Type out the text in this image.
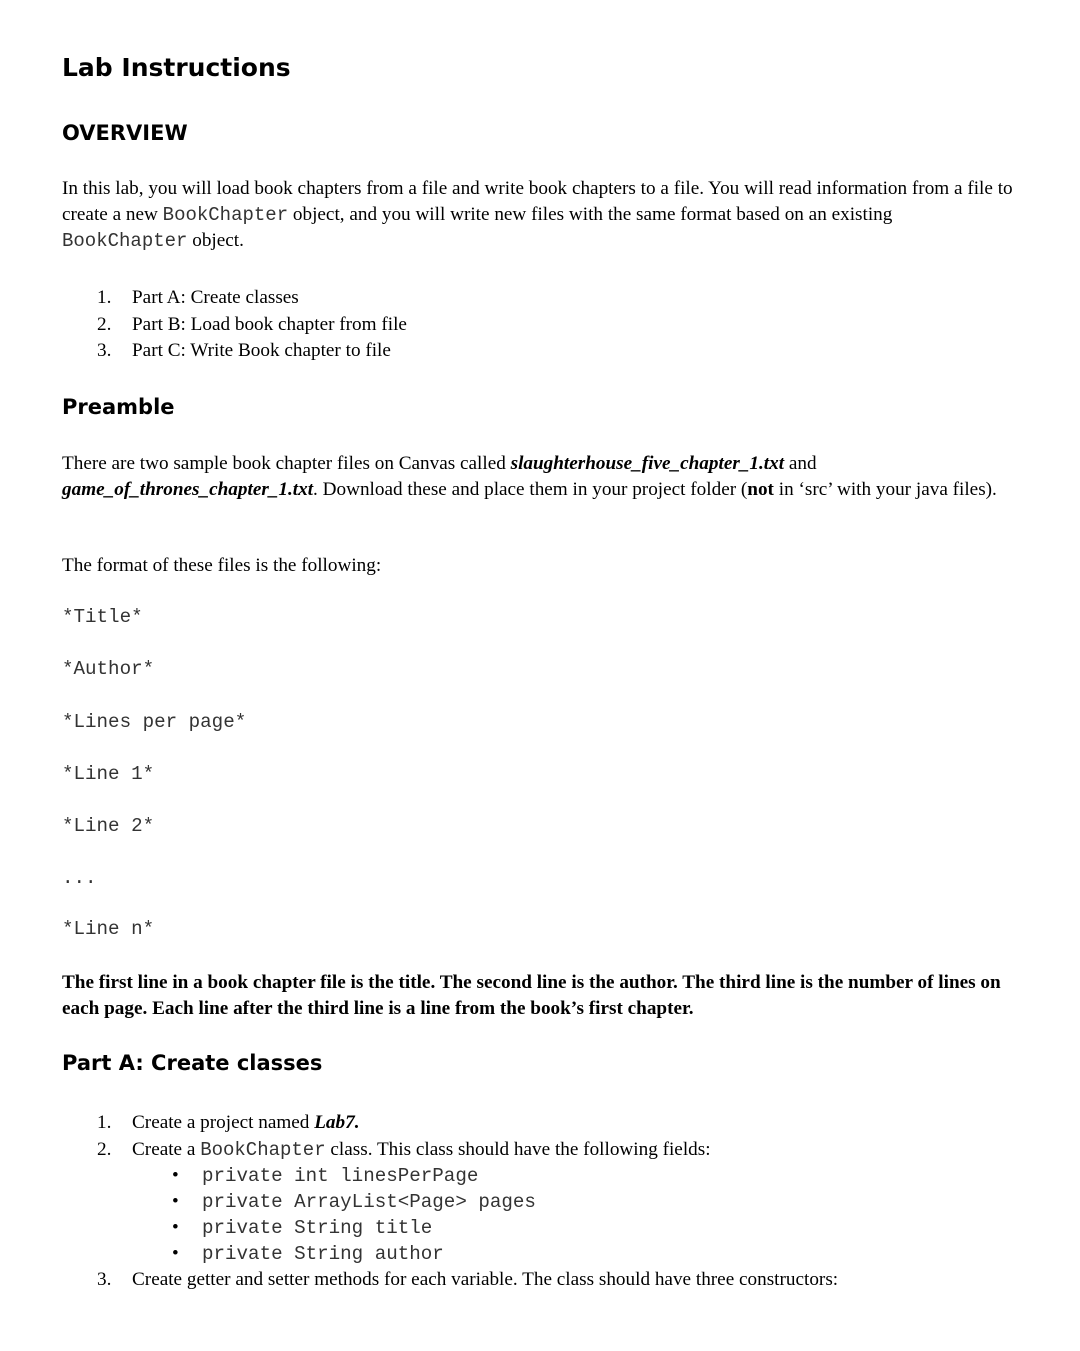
Lab Instructions
OVERVIEW

In this lab, you will load book chapters from a file and write book chapters to a file. You will read information from a file to create a new BookChapter object, and you will write new files with the same format based on an existing BookChapter object.

1. Part A: Create classes
2. Part B: Load book chapter from file
3. Part C: Write Book chapter to file
Preamble

There are two sample book chapter files on Canvas called slaughterhouse_five_chapter_1.txt and game_of_thrones_chapter_1.txt. Download these and place them in your project folder (not in ‘src’ with your java files).

The format of these files is the following:

*Title*
*Author*
*Lines per page*
*Line 1*
*Line 2*
...
*Line n*

The first line in a book chapter file is the title. The second line is the author. The third line is the number of lines on each page. Each line after the third line is a line from the book’s first chapter.

Part A: Create classes
1. Create a project named Lab7.
2. Create a BookChapter class. This class should have the following fields:
• private int linesPerPage
• private ArrayList<Page> pages
• private String title
• private String author
3. Create getter and setter methods for each variable. The class should have three constructors:
